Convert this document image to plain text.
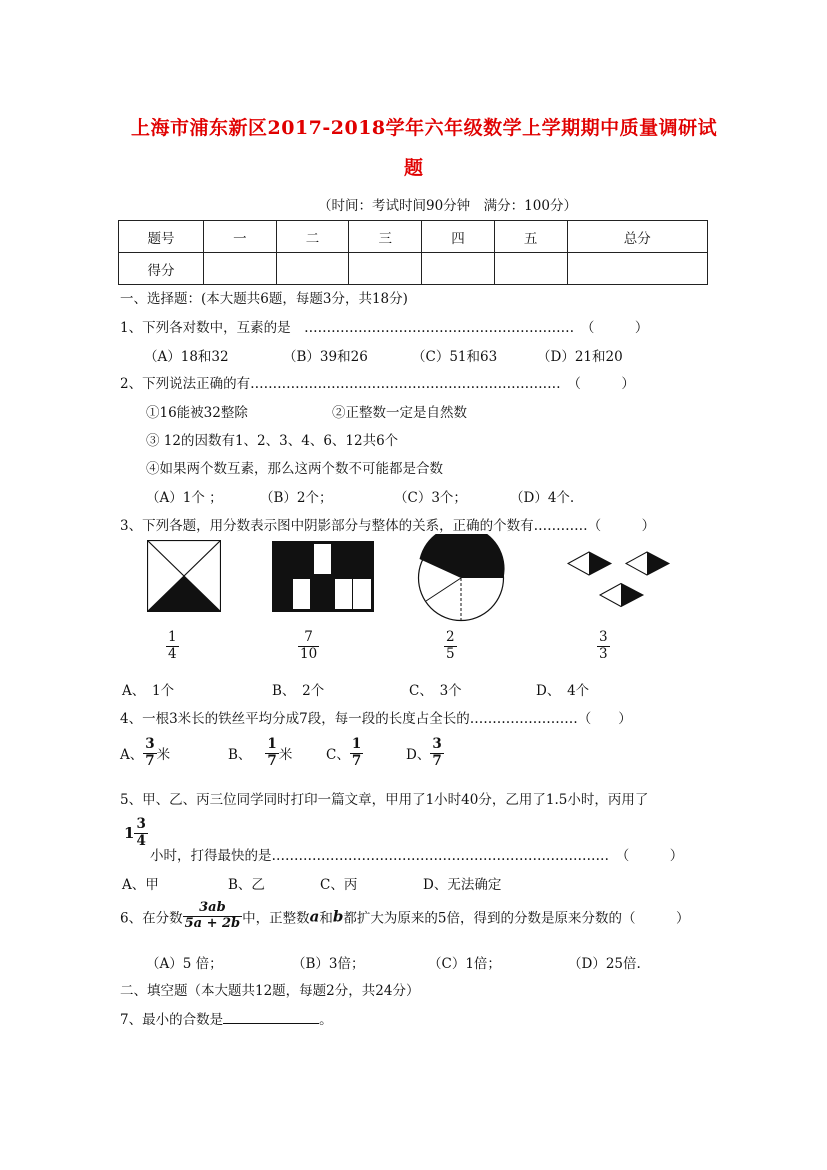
上海市浦东新区2017-2018学年六年级数学上学期期中质量调研试
题
（时间：考试时间90分钟　满分：100分）
题号	一	二	三	四	五	总分
得分						
一、选择题：(本大题共6题，每题3分，共18分)
1、下列各对数中，互素的是　……………………………………………………　（　　　）
（A）18和32	（B）39和26	（C）51和63	（D）21和20
2、下列说法正确的有……………………………………………………………　（　　　）
①16能被32整除	②正整数一定是自然数
③ 12的因数有1、2、3、4、6、12共6个
④如果两个数互素，那么这两个数不可能都是合数
（A）1个 ；	（B）2个；	（C）3个；	（D）4个.
3、下列各题，用分数表示图中阴影部分与整体的关系，正确的个数有…………（　　　）
$\frac{1}{4}$	$\frac{7}{10}$	$\frac{2}{5}$	$\frac{3}{3}$
A、　1个	B、　2个	C、　3个	D、　4个
4、一根3米长的铁丝平均分成7段，每一段的长度占全长的……………………（　　）
A、 $\frac{3}{7}$ 米	B、 $\frac{1}{7}$ 米 C、 $\frac{1}{7}$	D、 $\frac{3}{7}$
5、甲、乙、丙三位同学同时打印一篇文章，甲用了1小时40分，乙用了1.5小时，丙用了
$1 \frac{3}{4}$
小时，打得最快的是…………………………………………………………………　（　　　）
A、甲	B、乙	C、丙	D、无法确定
6、在分数 $\frac{3ab}{5a + 2b}$ 中，正整数a和b都扩大为原来的5倍，得到的分数是原来分数的（　　　）
（A）5 倍；	（B）3倍；	（C）1倍；	（D）25倍.
二、填空题（本大题共12题，每题2分，共24分）
7、最小的合数是	。
